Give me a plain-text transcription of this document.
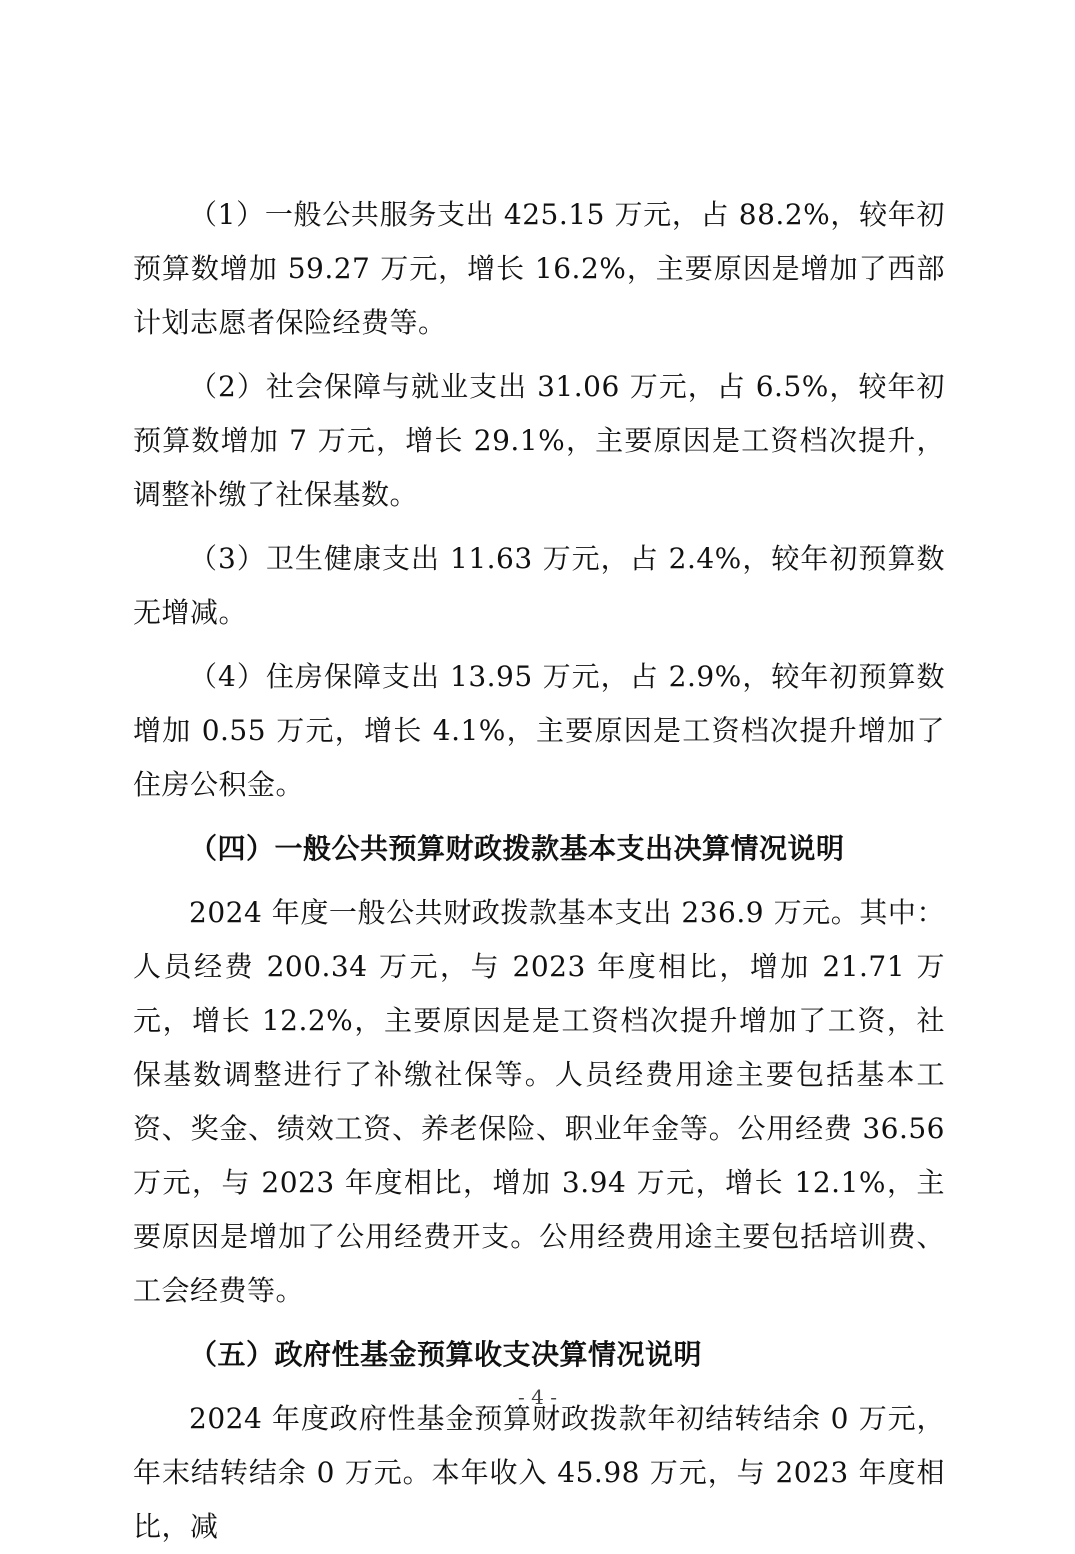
（1）一般公共服务支出 425.15 万元，占 88.2%，较年初预算数增加 59.27 万元，增长 16.2%，主要原因是增加了西部计划志愿者保险经费等。

（2）社会保障与就业支出 31.06 万元，占 6.5%，较年初预算数增加 7 万元，增长 29.1%，主要原因是工资档次提升，调整补缴了社保基数。

（3）卫生健康支出 11.63 万元，占 2.4%，较年初预算数无增减。

（4）住房保障支出 13.95 万元，占 2.9%，较年初预算数增加 0.55 万元，增长 4.1%，主要原因是工资档次提升增加了住房公积金。

（四）一般公共预算财政拨款基本支出决算情况说明

2024 年度一般公共财政拨款基本支出 236.9 万元。其中：人员经费 200.34 万元，与 2023 年度相比，增加 21.71 万元，增长 12.2%，主要原因是是工资档次提升增加了工资，社保基数调整进行了补缴社保等。人员经费用途主要包括基本工资、奖金、绩效工资、养老保险、职业年金等。公用经费 36.56 万元，与 2023 年度相比，增加 3.94 万元，增长 12.1%，主要原因是增加了公用经费开支。公用经费用途主要包括培训费、工会经费等。

（五）政府性基金预算收支决算情况说明

2024 年度政府性基金预算财政拨款年初结转结余 0 万元，年末结转结余 0 万元。本年收入 45.98 万元，与 2023 年度相比，减

- 4 -
